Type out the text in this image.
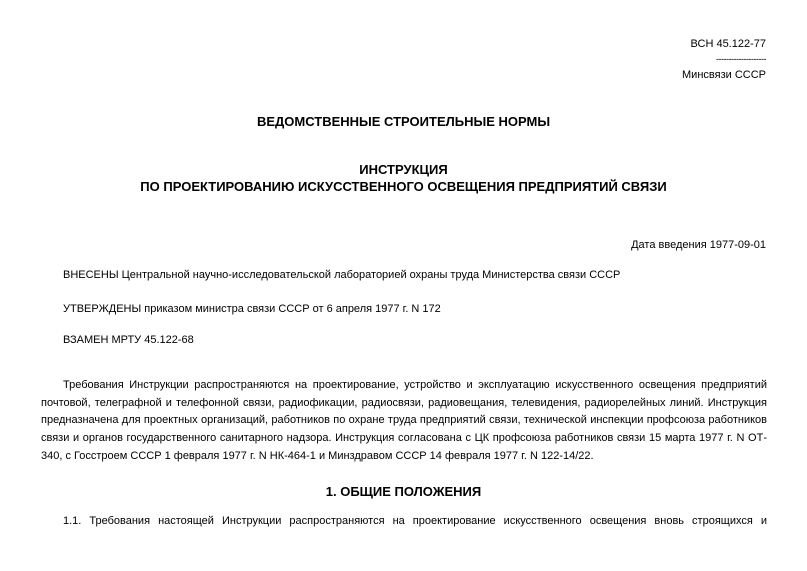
ВСН 45.122-77
--------------------
Минсвязи СССР
ВЕДОМСТВЕННЫЕ СТРОИТЕЛЬНЫЕ НОРМЫ
ИНСТРУКЦИЯ
ПО ПРОЕКТИРОВАНИЮ ИСКУССТВЕННОГО ОСВЕЩЕНИЯ ПРЕДПРИЯТИЙ СВЯЗИ
Дата введения 1977-09-01
ВНЕСЕНЫ Центральной научно-исследовательской лабораторией охраны труда Министерства связи СССР
УТВЕРЖДЕНЫ приказом министра связи СССР от 6 апреля 1977 г. N 172
ВЗАМЕН МРТУ 45.122-68
Требования Инструкции распространяются на проектирование, устройство и эксплуатацию искусственного освещения предприятий
почтовой, телеграфной и телефонной связи, радиофикации, радиосвязи, радиовещания, телевидения, радиорелейных линий. Инструкция
предназначена для проектных организаций, работников по охране труда предприятий связи, технической инспекции профсоюза работников
связи и органов государственного санитарного надзора. Инструкция согласована с ЦК профсоюза работников связи 15 марта 1977 г. N ОТ-
340, с Госстроем СССР 1 февраля 1977 г. N НК-464-1 и Минздравом СССР 14 февраля 1977 г. N 122-14/22.
1. ОБЩИЕ ПОЛОЖЕНИЯ
1.1. Требования настоящей Инструкции распространяются на проектирование искусственного освещения вновь строящихся и
